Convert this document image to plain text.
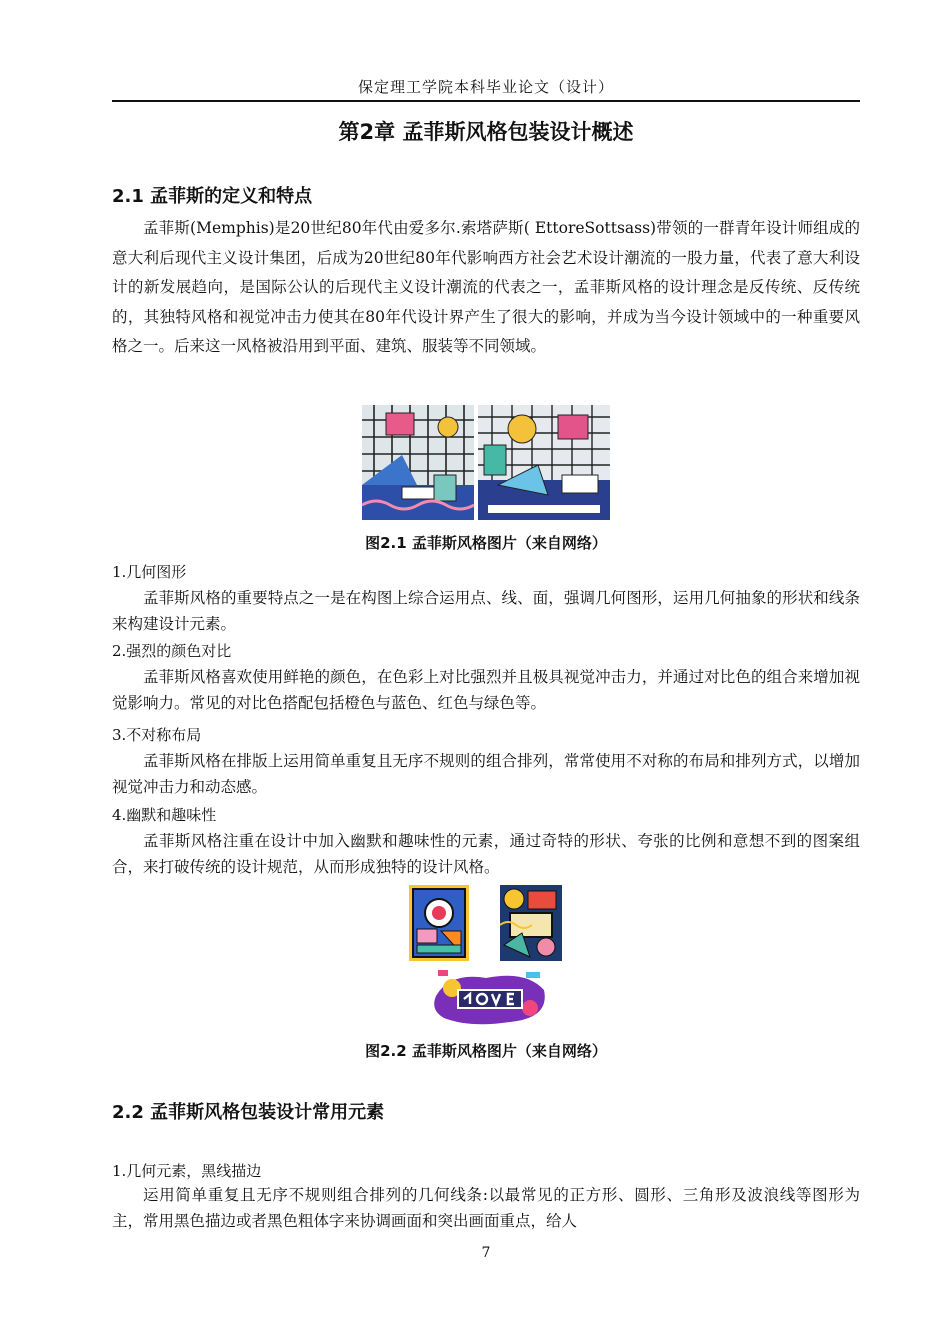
保定理工学院本科毕业论文（设计）
第2章 孟菲斯风格包装设计概述
2.1 孟菲斯的定义和特点
孟菲斯(Memphis)是20世纪80年代由爱多尔.索塔萨斯( EttoreSottsass)带领的一群青年设计师组成的意大利后现代主义设计集团，后成为20世纪80年代影响西方社会艺术设计潮流的一股力量，代表了意大利设计的新发展趋向，是国际公认的后现代主义设计潮流的代表之一，孟菲斯风格的设计理念是反传统、反传统的，其独特风格和视觉冲击力使其在80年代设计界产生了很大的影响，并成为当今设计领域中的一种重要风格之一。后来这一风格被沿用到平面、建筑、服装等不同领域。
图2.1 孟菲斯风格图片（来自网络）
1.几何图形
孟菲斯风格的重要特点之一是在构图上综合运用点、线、面，强调几何图形，运用几何抽象的形状和线条来构建设计元素。
2.强烈的颜色对比
孟菲斯风格喜欢使用鲜艳的颜色，在色彩上对比强烈并且极具视觉冲击力，并通过对比色的组合来增加视觉影响力。常见的对比色搭配包括橙色与蓝色、红色与绿色等。
3.不对称布局
孟菲斯风格在排版上运用简单重复且无序不规则的组合排列，常常使用不对称的布局和排列方式，以增加视觉冲击力和动态感。
4.幽默和趣味性
孟菲斯风格注重在设计中加入幽默和趣味性的元素，通过奇特的形状、夸张的比例和意想不到的图案组合，来打破传统的设计规范，从而形成独特的设计风格。
图2.2 孟菲斯风格图片（来自网络）
2.2 孟菲斯风格包装设计常用元素
1.几何元素，黑线描边
运用简单重复且无序不规则组合排列的几何线条:以最常见的正方形、圆形、三角形及波浪线等图形为主，常用黑色描边或者黑色粗体字来协调画面和突出画面重点，给人
7
